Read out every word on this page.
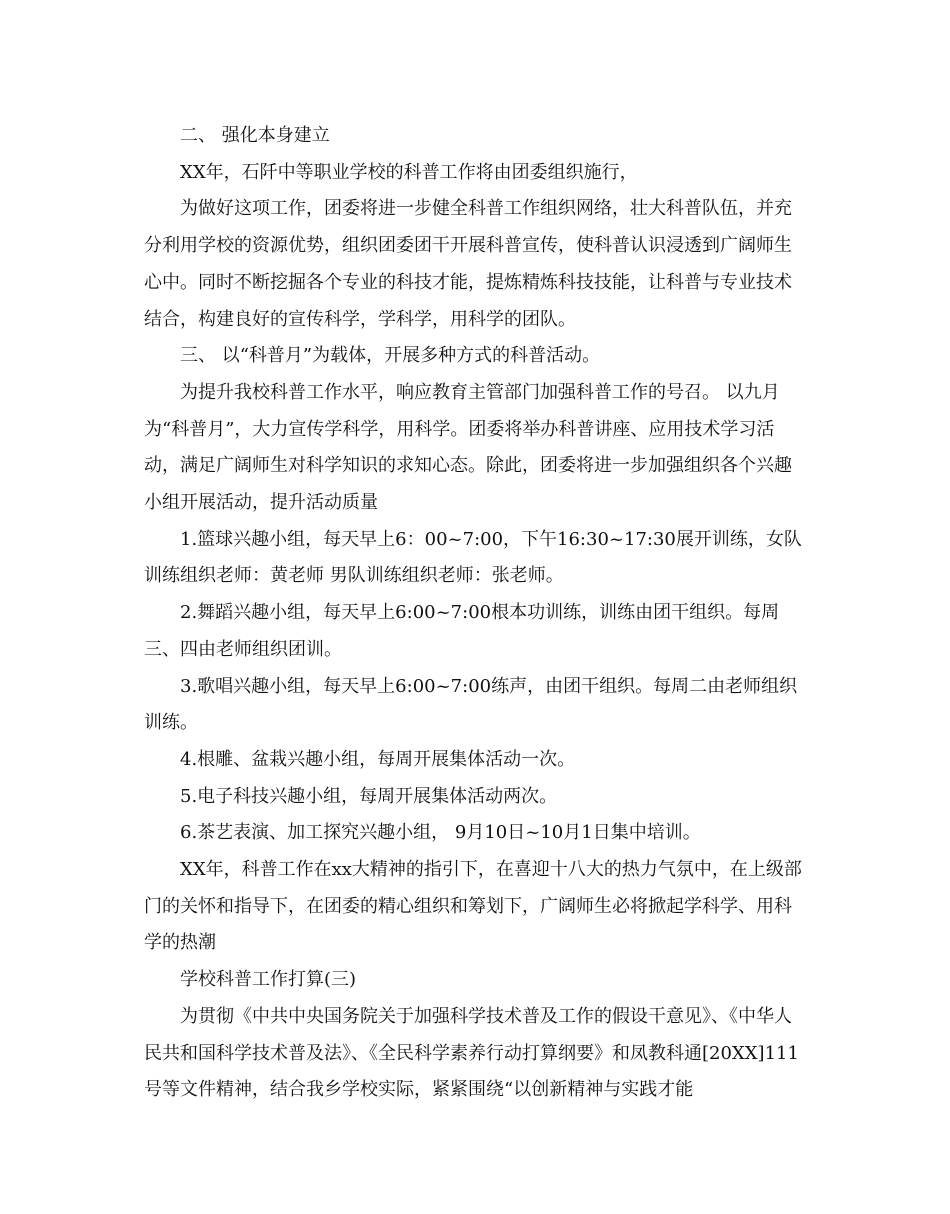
二、 强化本身建立

XX年，石阡中等职业学校的科普工作将由团委组织施行，

为做好这项工作，团委将进一步健全科普工作组织网络，壮大科普队伍，并充分利用学校的资源优势，组织团委团干开展科普宣传，使科普认识浸透到广阔师生心中。同时不断挖掘各个专业的科技才能，提炼精炼科技技能，让科普与专业技术结合，构建良好的宣传科学，学科学，用科学的团队。

三、 以“科普月”为载体，开展多种方式的科普活动。

为提升我校科普工作水平，响应教育主管部门加强科普工作的号召。 以九月为“科普月”，大力宣传学科学，用科学。团委将举办科普讲座、应用技术学习活动，满足广阔师生对科学知识的求知心态。除此，团委将进一步加强组织各个兴趣小组开展活动，提升活动质量

1.篮球兴趣小组，每天早上6：00~7:00，下午16:30~17:30展开训练，女队训练组织老师：黄老师 男队训练组织老师：张老师。

2.舞蹈兴趣小组，每天早上6:00~7:00根本功训练，训练由团干组织。每周三、四由老师组织团训。

3.歌唱兴趣小组，每天早上6:00~7:00练声，由团干组织。每周二由老师组织训练。

4.根雕、盆栽兴趣小组，每周开展集体活动一次。

5.电子科技兴趣小组，每周开展集体活动两次。

6.茶艺表演、加工探究兴趣小组， 9月10日~10月1日集中培训。

XX年，科普工作在xx大精神的指引下，在喜迎十八大的热力气氛中，在上级部门的关怀和指导下，在团委的精心组织和筹划下，广阔师生必将掀起学科学、用科学的热潮

学校科普工作打算(三)

为贯彻《中共中央国务院关于加强科学技术普及工作的假设干意见》、《中华人民共和国科学技术普及法》、《全民科学素养行动打算纲要》和凤教科通[20XX]111号等文件精神，结合我乡学校实际，紧紧围绕“以创新精神与实践才能
